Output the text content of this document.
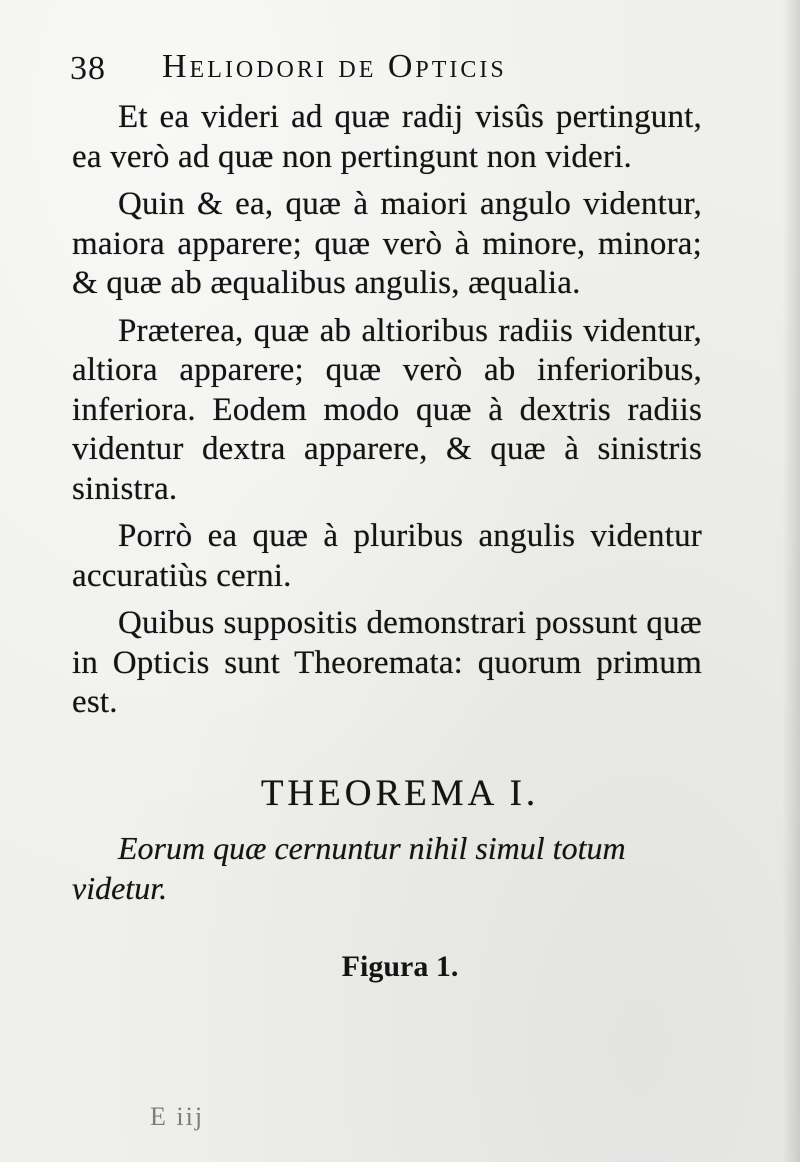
38 Heliodori de Opticis

Et ea videri ad quæ radij visûs pertingunt, ea verò ad quæ non pertingunt non videri.

Quin & ea, quæ à maiori angulo videntur, maiora apparere; quæ verò à minore, minora; & quæ ab æqualibus angulis, æqualia.

Præterea, quæ ab altioribus radiis videntur, altiora apparere; quæ verò ab inferioribus, inferiora. Eodem modo quæ à dextris radiis videntur dextra apparere, & quæ à sinistris sinistra.

Porrò ea quæ à pluribus angulis videntur accuratiùs cerni.

Quibus suppositis demonstrari possunt quæ in Opticis sunt Theoremata: quorum primum est.

THEOREMA I.
Eorum quæ cernuntur nihil simul totum videtur.
Figura 1.
E iij
